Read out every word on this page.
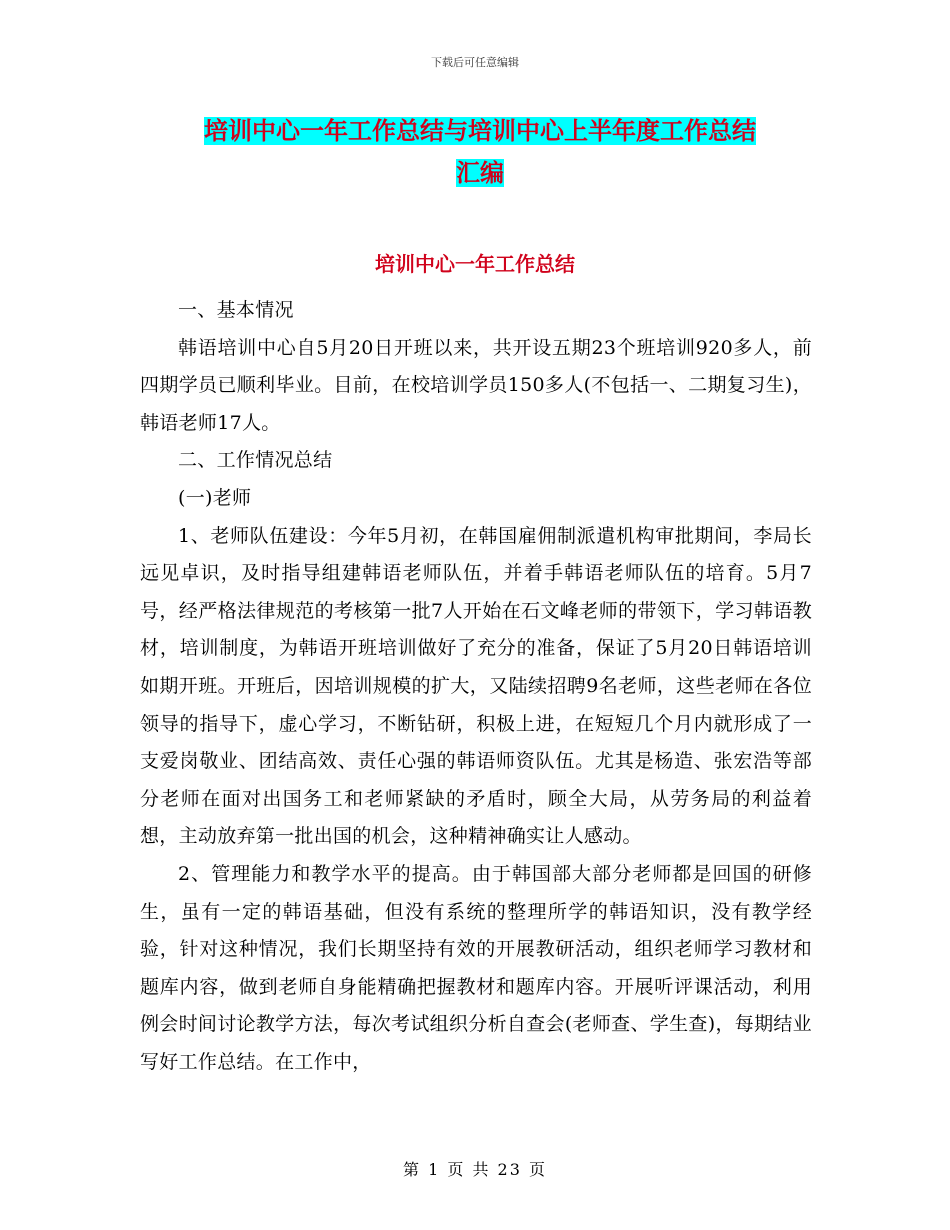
下载后可任意编辑
培训中心一年工作总结与培训中心上半年度工作总结
汇编
培训中心一年工作总结

一、基本情况

韩语培训中心自5月20日开班以来，共开设五期23个班培训920多人，前四期学员已顺利毕业。目前，在校培训学员150多人(不包括一、二期复习生)，韩语老师17人。

二、工作情况总结

(一)老师

1、老师队伍建设：今年5月初，在韩国雇佣制派遣机构审批期间，李局长远见卓识，及时指导组建韩语老师队伍，并着手韩语老师队伍的培育。5月7号，经严格法律规范的考核第一批7人开始在石文峰老师的带领下，学习韩语教材，培训制度，为韩语开班培训做好了充分的准备，保证了5月20日韩语培训如期开班。开班后，因培训规模的扩大，又陆续招聘9名老师，这些老师在各位领导的指导下，虚心学习，不断钻研，积极上进，在短短几个月内就形成了一支爱岗敬业、团结高效、责任心强的韩语师资队伍。尤其是杨造、张宏浩等部分老师在面对出国务工和老师紧缺的矛盾时，顾全大局，从劳务局的利益着想，主动放弃第一批出国的机会，这种精神确实让人感动。

2、管理能力和教学水平的提高。由于韩国部大部分老师都是回国的研修生，虽有一定的韩语基础，但没有系统的整理所学的韩语知识，没有教学经验，针对这种情况，我们长期坚持有效的开展教研活动，组织老师学习教材和题库内容，做到老师自身能精确把握教材和题库内容。开展听评课活动，利用例会时间讨论教学方法，每次考试组织分析自查会(老师查、学生查)，每期结业写好工作总结。在工作中，

第 1 页 共 23 页
